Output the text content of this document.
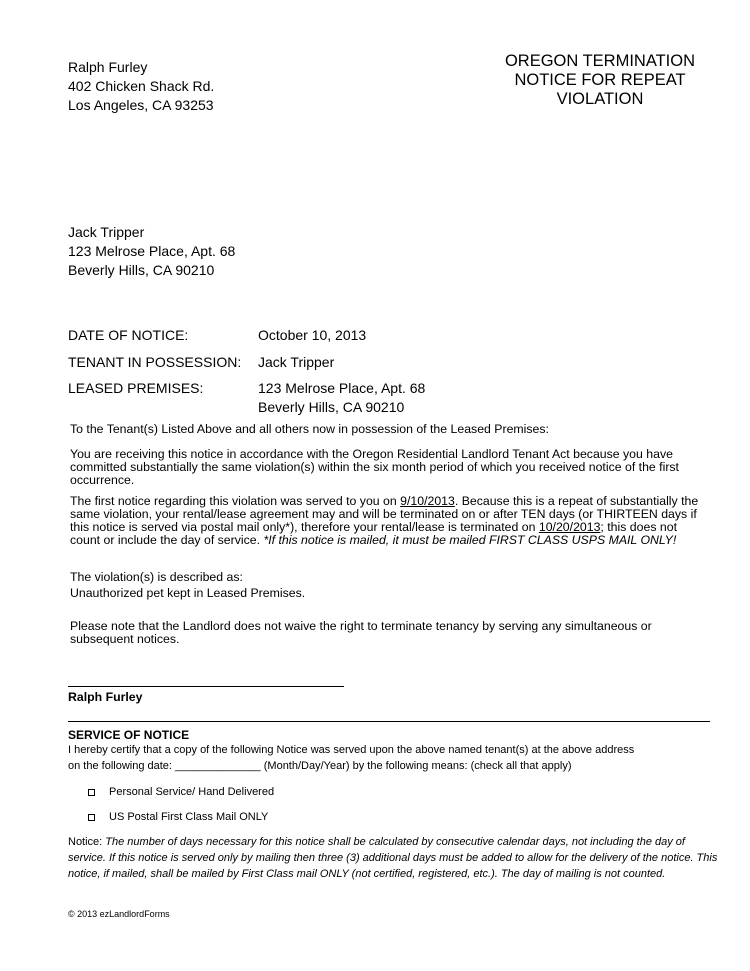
Ralph Furley
402 Chicken Shack Rd.
Los Angeles, CA 93253
OREGON TERMINATION
NOTICE FOR REPEAT
VIOLATION
Jack Tripper
123 Melrose Place, Apt. 68
Beverly Hills, CA 90210
DATE OF NOTICE:	October 10, 2013
TENANT IN POSSESSION: Jack Tripper
LEASED PREMISES:	123 Melrose Place, Apt. 68
Beverly Hills, CA 90210
To the Tenant(s) Listed Above and all others now in possession of the Leased Premises:
You are receiving this notice in accordance with the Oregon Residential Landlord Tenant Act because you have committed substantially the same violation(s) within the six month period of which you received notice of the first occurrence.
The first notice regarding this violation was served to you on 9/10/2013. Because this is a repeat of substantially the same violation, your rental/lease agreement may and will be terminated on or after TEN days (or THIRTEEN days if this notice is served via postal mail only*), therefore your rental/lease is terminated on 10/20/2013; this does not count or include the day of service. *If this notice is mailed, it must be mailed FIRST CLASS USPS MAIL ONLY!
The violation(s) is described as:
Unauthorized pet kept in Leased Premises.
Please note that the Landlord does not waive the right to terminate tenancy by serving any simultaneous or subsequent notices.
Ralph Furley
SERVICE OF NOTICE
I hereby certify that a copy of the following Notice was served upon the above named tenant(s) at the above address
on the following date: ______________ (Month/Day/Year) by the following means: (check all that apply)
Personal Service/ Hand Delivered
US Postal First Class Mail ONLY
Notice: The number of days necessary for this notice shall be calculated by consecutive calendar days, not including the day of service. If this notice is served only by mailing then three (3) additional days must be added to allow for the delivery of the notice. This notice, if mailed, shall be mailed by First Class mail ONLY (not certified, registered, etc.). The day of mailing is not counted.
© 2013 ezLandlordForms
